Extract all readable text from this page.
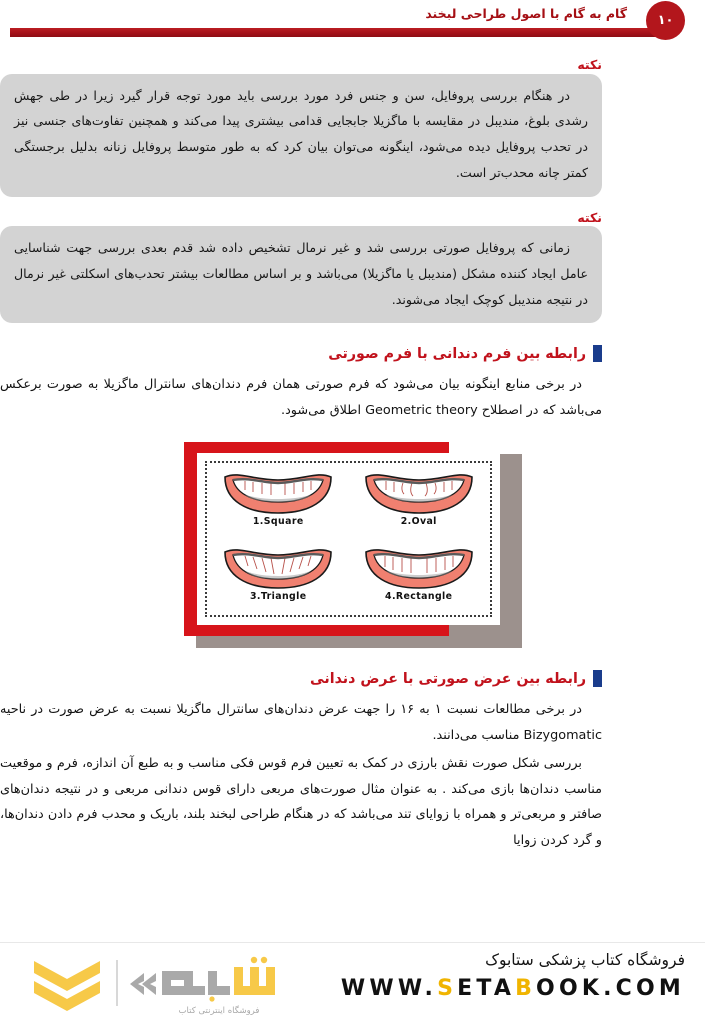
گام به گام با اصول طراحی لبخند	۱۰
نکته
در هنگام بررسی پروفایل، سن و جنس فرد مورد بررسی باید مورد توجه قرار گیرد زیرا در طی جهش رشدی بلوغ، مندیبل در مقایسه با ماگزیلا جابجایی قدامی بیشتری پیدا می‌کند و همچنین تفاوت‌های جنسی نیز در تحدب پروفایل دیده می‌شود، اینگونه می‌توان بیان کرد که به طور متوسط پروفایل زنانه بدلیل برجستگی کمتر چانه محدب‌تر است.
نکته
زمانی که پروفایل صورتی بررسی شد و غیر نرمال تشخیص داده شد قدم بعدی بررسی جهت شناسایی عامل ایجاد کننده مشکل (مندیبل یا ماگزیلا) می‌باشد و بر اساس مطالعات بیشتر تحدب‌های اسکلتی غیر نرمال در نتیجه مندیبل کوچک ایجاد می‌شوند.
رابطه بین فرم دندانی با فرم صورتی

در برخی منابع اینگونه بیان می‌شود که فرم صورتی همان فرم دندان‌های سانترال ماگزیلا به صورت برعکس می‌باشد که در اصطلاح Geometric theory اطلاق می‌شود.

1.Square	2.Oval
3.Triangle	4.Rectangle
رابطه بین عرض صورتی با عرض دندانی

در برخی مطالعات نسبت ۱ به ۱۶ را جهت عرض دندان‌های سانترال ماگزیلا نسبت به عرض صورت در ناحیه Bizygomatic مناسب می‌دانند.

بررسی شکل صورت نقش بارزی در کمک به تعیین فرم قوس فکی مناسب و به طبع آن اندازه، فرم و موقعیت مناسب دندان‌ها بازی می‌کند . به عنوان مثال صورت‌های مربعی دارای قوس دندانی مربعی و در نتیجه دندان‌های صافتر و مربعی‌تر و همراه با زوایای تند می‌باشد که در هنگام طراحی لبخند بلند، باریک و محدب فرم دادن دندان‌ها، و گرد کردن زوایا

فروشگاه کتاب پزشکی ستابوک
WWW.SETABOOK.COM
فروشگاه اینترنتی کتاب
